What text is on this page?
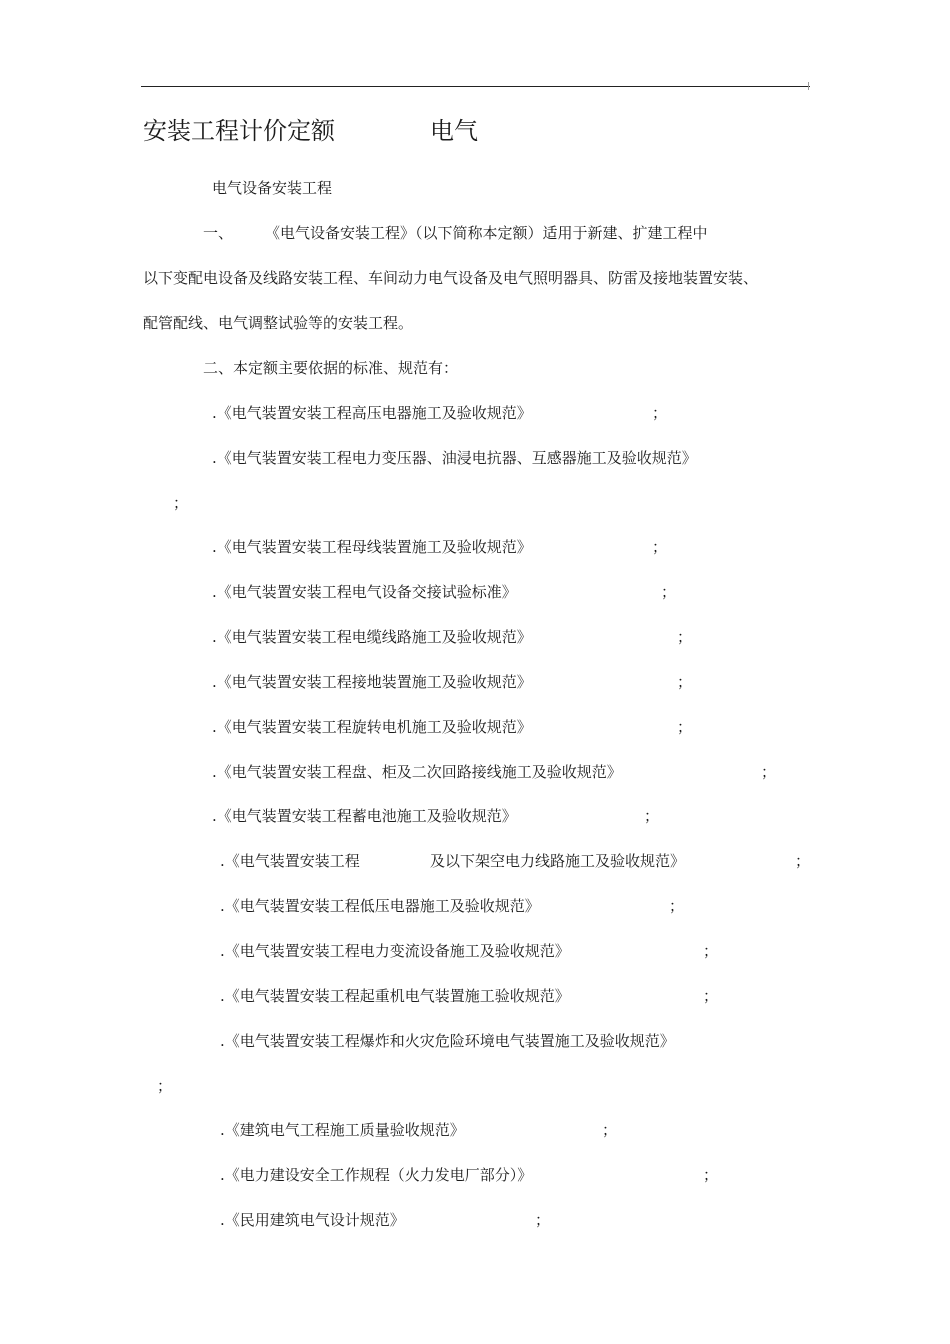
安装工程计价定额	电气
电气设备安装工程
一、 《电气设备安装工程》（以下简称本定额）适用于新建、扩建工程中
以下变配电设备及线路安装工程、车间动力电气设备及电气照明器具、防雷及接地装置安装、
配管配线、电气调整试验等的安装工程。
二、本定额主要依据的标准、规范有：
.《电气装置安装工程高压电器施工及验收规范》	；
.《电气装置安装工程电力变压器、油浸电抗器、互感器施工及验收规范》
；
.《电气装置安装工程母线装置施工及验收规范》	；
.《电气装置安装工程电气设备交接试验标准》	；
.《电气装置安装工程电缆线路施工及验收规范》	；
.《电气装置安装工程接地装置施工及验收规范》	；
.《电气装置安装工程旋转电机施工及验收规范》	；
.《电气装置安装工程盘、柜及二次回路接线施工及验收规范》	；
.《电气装置安装工程蓄电池施工及验收规范》	；
.《电气装置安装工程	及以下架空电力线路施工及验收规范》	；
.《电气装置安装工程低压电器施工及验收规范》	；
.《电气装置安装工程电力变流设备施工及验收规范》	；
.《电气装置安装工程起重机电气装置施工验收规范》	；
.《电气装置安装工程爆炸和火灾危险环境电气装置施工及验收规范》
；
.《建筑电气工程施工质量验收规范》	；
.《电力建设安全工作规程（火力发电厂部分）》	；
.《民用建筑电气设计规范》	；
